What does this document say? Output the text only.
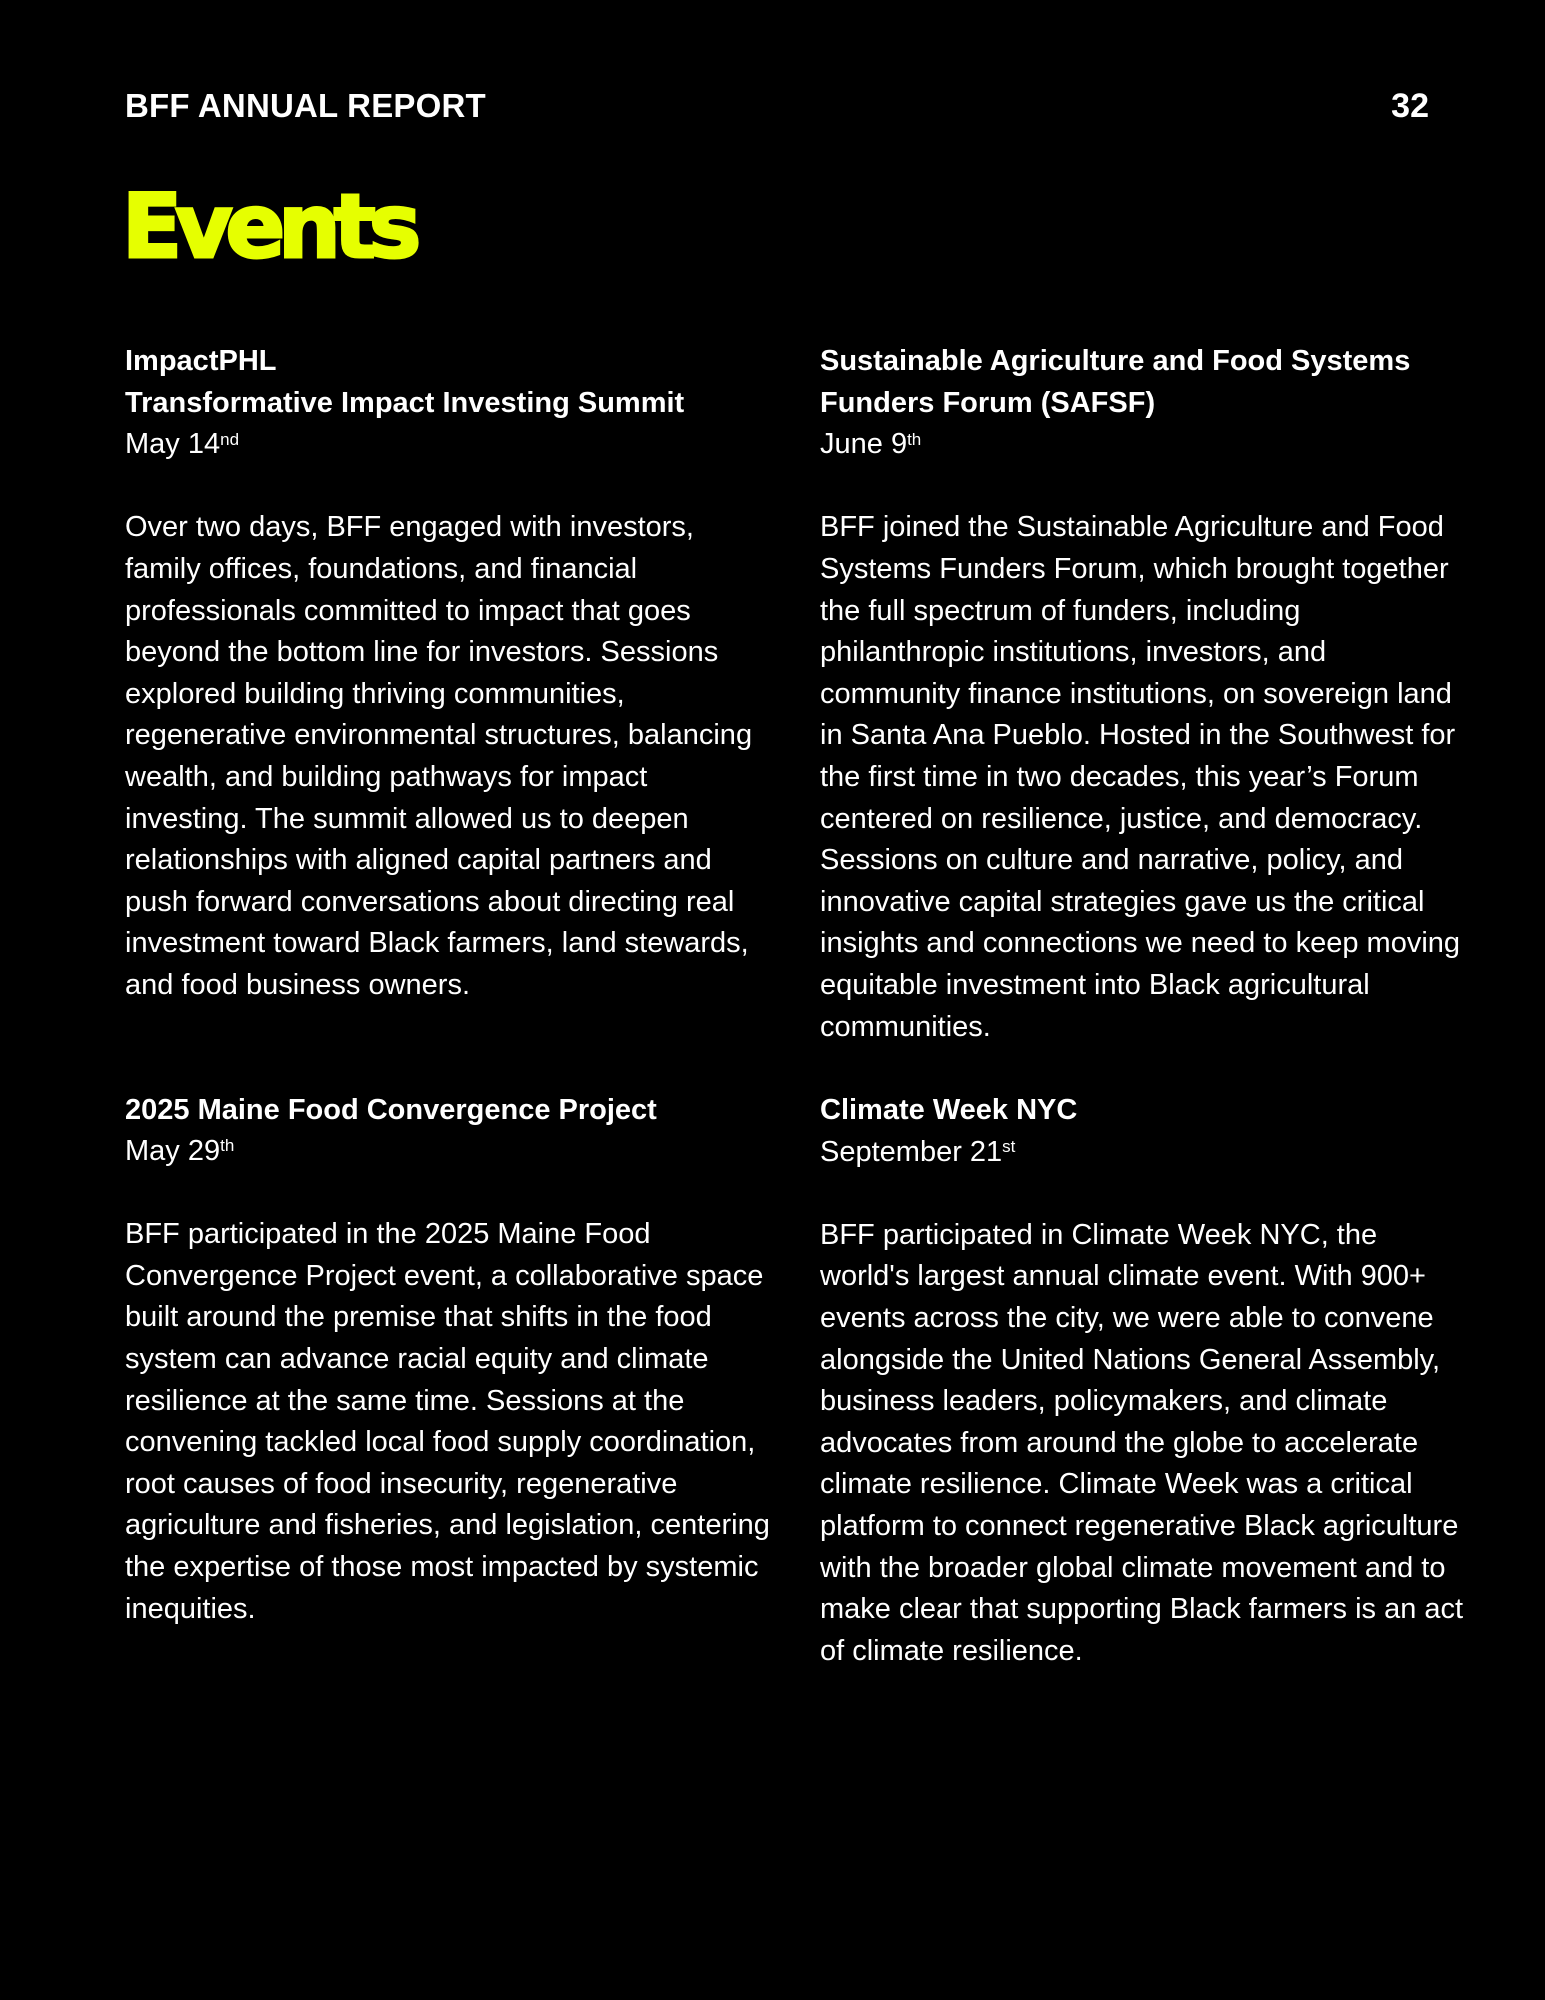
BFF ANNUAL REPORT	32
Events

ImpactPHL

Transformative Impact Investing Summit

May 14nd

Over two days, BFF engaged with investors, family offices, foundations, and financial professionals committed to impact that goes beyond the bottom line for investors. Sessions explored building thriving communities, regenerative environmental structures, balancing wealth, and building pathways for impact investing. The summit allowed us to deepen relationships with aligned capital partners and push forward conversations about directing real investment toward Black farmers, land stewards, and food business owners.

2025 Maine Food Convergence Project

May 29th

BFF participated in the 2025 Maine Food Convergence Project event, a collaborative space built around the premise that shifts in the food system can advance racial equity and climate resilience at the same time. Sessions at the convening tackled local food supply coordination, root causes of food insecurity, regenerative agriculture and fisheries, and legislation, centering the expertise of those most impacted by systemic inequities.

Sustainable Agriculture and Food Systems

Funders Forum (SAFSF)

June 9th

BFF joined the Sustainable Agriculture and Food Systems Funders Forum, which brought together the full spectrum of funders, including philanthropic institutions, investors, and community finance institutions, on sovereign land in Santa Ana Pueblo. Hosted in the Southwest for the first time in two decades, this year’s Forum centered on resilience, justice, and democracy. Sessions on culture and narrative, policy, and innovative capital strategies gave us the critical insights and connections we need to keep moving equitable investment into Black agricultural communities.

Climate Week NYC

September 21st

BFF participated in Climate Week NYC, the world's largest annual climate event. With 900+ events across the city, we were able to convene alongside the United Nations General Assembly, business leaders, policymakers, and climate advocates from around the globe to accelerate climate resilience. Climate Week was a critical platform to connect regenerative Black agriculture with the broader global climate movement and to make clear that supporting Black farmers is an act of climate resilience.
